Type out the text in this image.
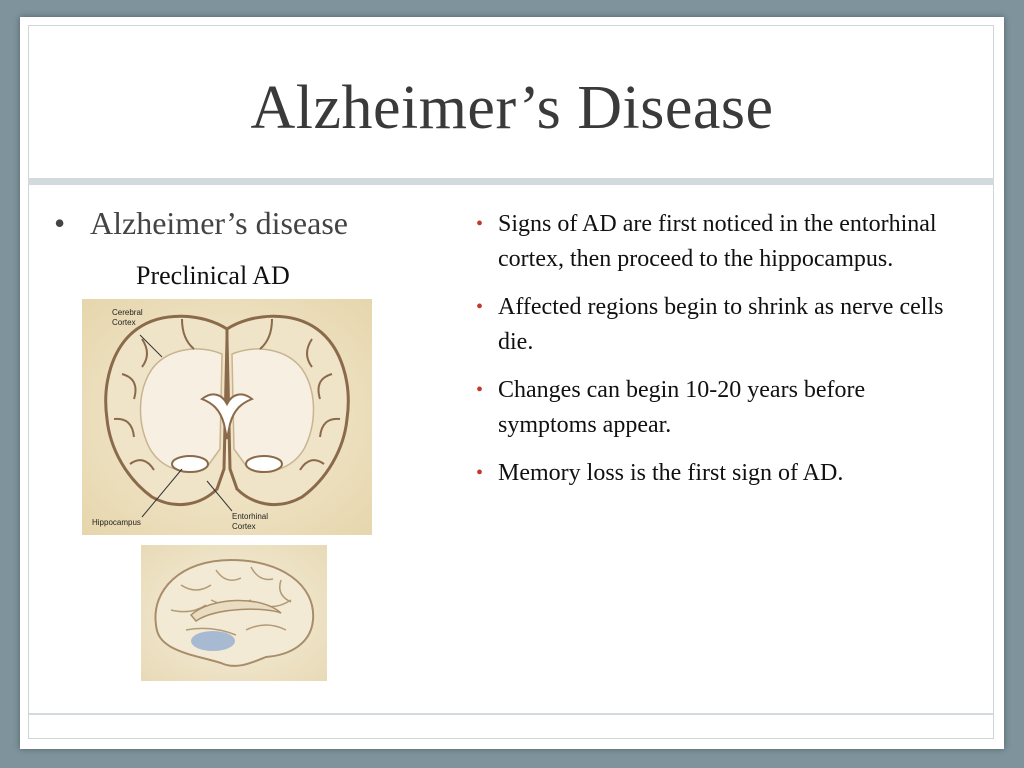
Alzheimer’s Disease
• Alzheimer’s disease
Preclinical AD
Cerebral
Cortex
Hippocampus
Entorhinal
Cortex
• Signs of AD are first noticed in the entorhinal cortex, then proceed to the hippocampus.
• Affected regions begin to shrink as nerve cells die.
• Changes can begin 10-20 years before symptoms appear.
• Memory loss is the first sign of AD.
